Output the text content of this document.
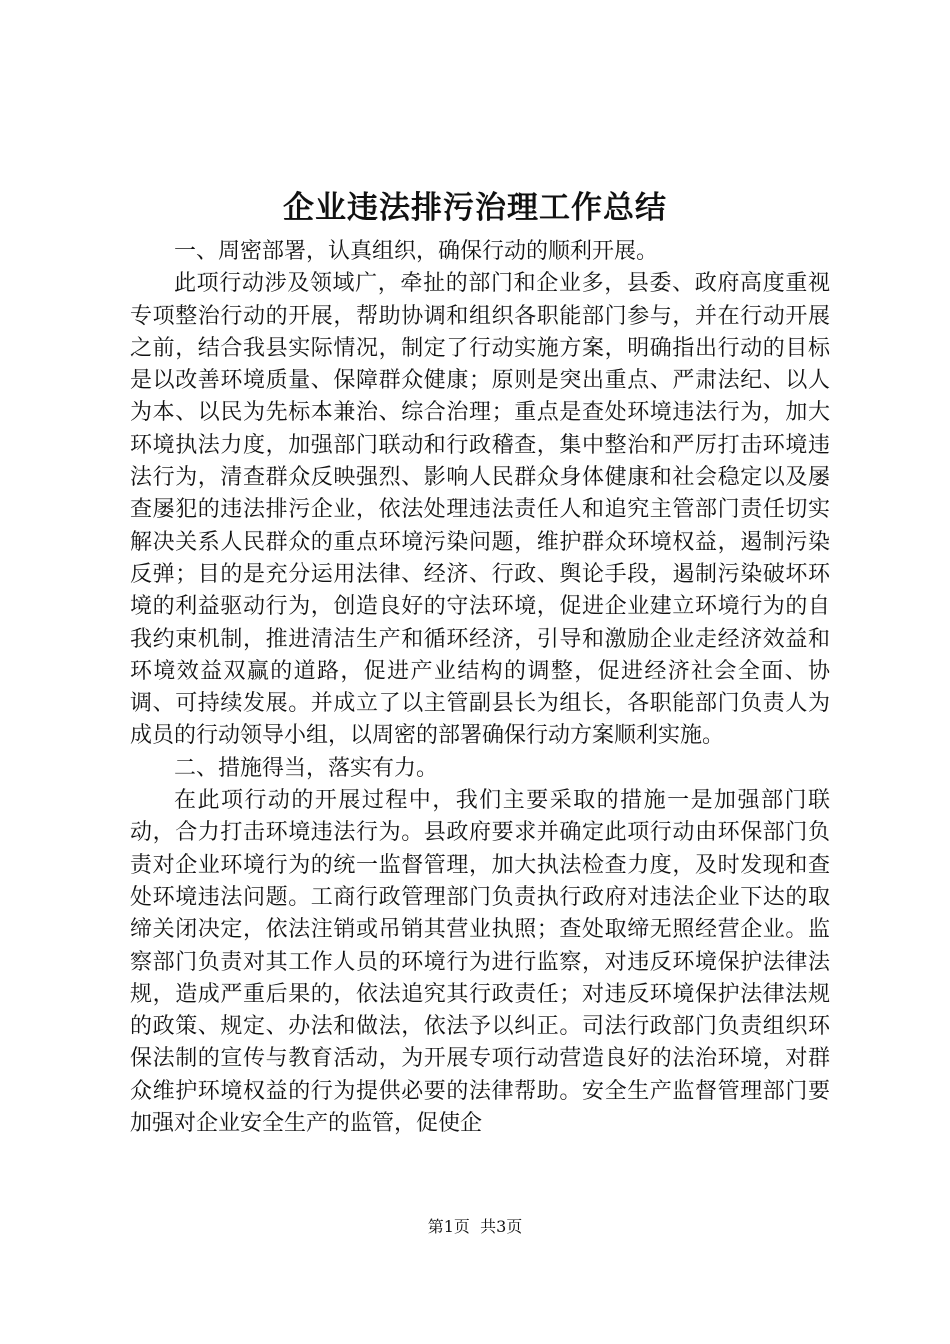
企业违法排污治理工作总结

一、周密部署，认真组织，确保行动的顺利开展。

此项行动涉及领域广，牵扯的部门和企业多，县委、政府高度重视专项整治行动的开展，帮助协调和组织各职能部门参与，并在行动开展之前，结合我县实际情况，制定了行动实施方案，明确指出行动的目标是以改善环境质量、保障群众健康；原则是突出重点、严肃法纪、以人为本、以民为先标本兼治、综合治理；重点是查处环境违法行为，加大环境执法力度，加强部门联动和行政稽查，集中整治和严厉打击环境违法行为，清查群众反映强烈、影响人民群众身体健康和社会稳定以及屡查屡犯的违法排污企业，依法处理违法责任人和追究主管部门责任切实解决关系人民群众的重点环境污染问题，维护群众环境权益，遏制污染反弹；目的是充分运用法律、经济、行政、舆论手段，遏制污染破坏环境的利益驱动行为，创造良好的守法环境，促进企业建立环境行为的自我约束机制，推进清洁生产和循环经济，引导和激励企业走经济效益和环境效益双赢的道路，促进产业结构的调整，促进经济社会全面、协调、可持续发展。并成立了以主管副县长为组长，各职能部门负责人为成员的行动领导小组，以周密的部署确保行动方案顺利实施。

二、措施得当，落实有力。

在此项行动的开展过程中，我们主要采取的措施一是加强部门联动，合力打击环境违法行为。县政府要求并确定此项行动由环保部门负责对企业环境行为的统一监督管理，加大执法检查力度，及时发现和查处环境违法问题。工商行政管理部门负责执行政府对违法企业下达的取缔关闭决定，依法注销或吊销其营业执照；查处取缔无照经营企业。监察部门负责对其工作人员的环境行为进行监察，对违反环境保护法律法规，造成严重后果的，依法追究其行政责任；对违反环境保护法律法规的政策、规定、办法和做法，依法予以纠正。司法行政部门负责组织环保法制的宣传与教育活动，为开展专项行动营造良好的法治环境，对群众维护环境权益的行为提供必要的法律帮助。安全生产监督管理部门要加强对企业安全生产的监管，促使企

第1页 共3页
